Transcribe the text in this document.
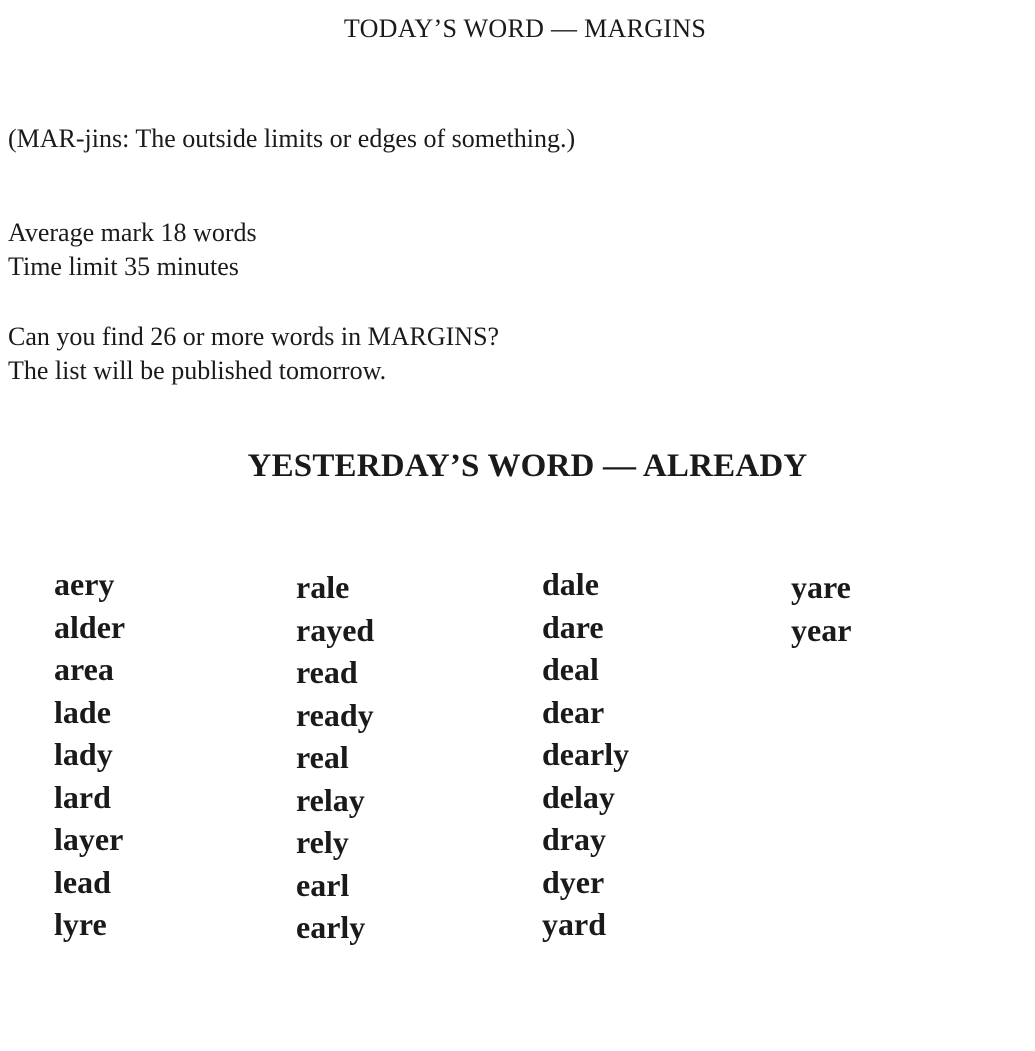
TODAY’S WORD — MARGINS

(MAR-jins: The outside limits or edges of something.)

Average mark 18 words

Time limit 35 minutes

Can you find 26 or more words in MARGINS?

The list will be published tomorrow.

YESTERDAY’S WORD — ALREADY
aery
alder
area
lade
lady
lard
layer
lead
lyre
rale
rayed
read
ready
real
relay
rely
earl
early
dale
dare
deal
dear
dearly
delay
dray
dyer
yard
yare
year
